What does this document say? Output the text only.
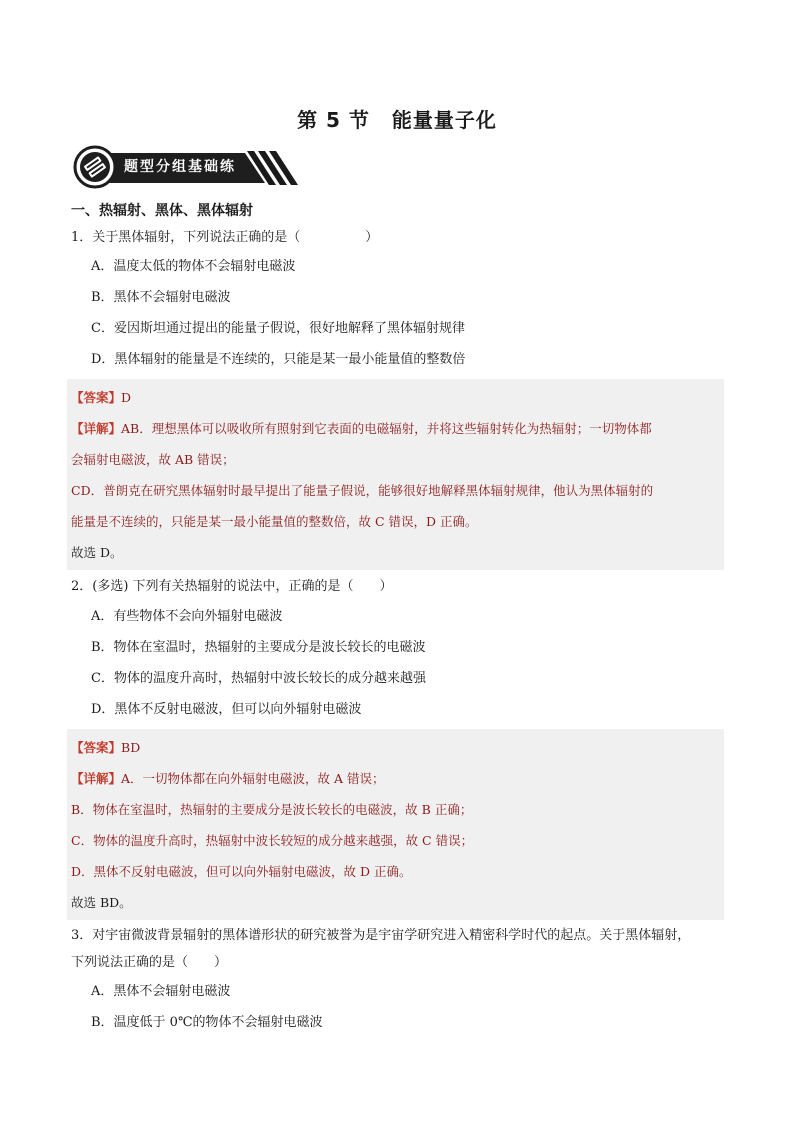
第 5 节 能量量子化
题型分组基础练
一、热辐射、黑体、黑体辐射
1．关于黑体辐射，下列说法正确的是（　　　　　）
A．温度太低的物体不会辐射电磁波
B．黑体不会辐射电磁波
C．爱因斯坦通过提出的能量子假说，很好地解释了黑体辐射规律
D．黑体辐射的能量是不连续的，只能是某一最小能量值的整数倍
【答案】D
【详解】AB．理想黑体可以吸收所有照射到它表面的电磁辐射，并将这些辐射转化为热辐射；一切物体都
会辐射电磁波，故 AB 错误；
CD．普朗克在研究黑体辐射时最早提出了能量子假说，能够很好地解释黑体辐射规律，他认为黑体辐射的
能量是不连续的，只能是某一最小能量值的整数倍，故 C 错误，D 正确。
故选 D。
2．(多选) 下列有关热辐射的说法中，正确的是（　　）
A．有些物体不会向外辐射电磁波
B．物体在室温时，热辐射的主要成分是波长较长的电磁波
C．物体的温度升高时，热辐射中波长较长的成分越来越强
D．黑体不反射电磁波，但可以向外辐射电磁波
【答案】BD
【详解】A．一切物体都在向外辐射电磁波，故 A 错误；
B．物体在室温时，热辐射的主要成分是波长较长的电磁波，故 B 正确；
C．物体的温度升高时，热辐射中波长较短的成分越来越强，故 C 错误；
D．黑体不反射电磁波，但可以向外辐射电磁波，故 D 正确。
故选 BD。
3．对宇宙微波背景辐射的黑体谱形状的研究被誉为是宇宙学研究进入精密科学时代的起点。关于黑体辐射，
下列说法正确的是（　　）
A．黑体不会辐射电磁波
B．温度低于 0℃的物体不会辐射电磁波
